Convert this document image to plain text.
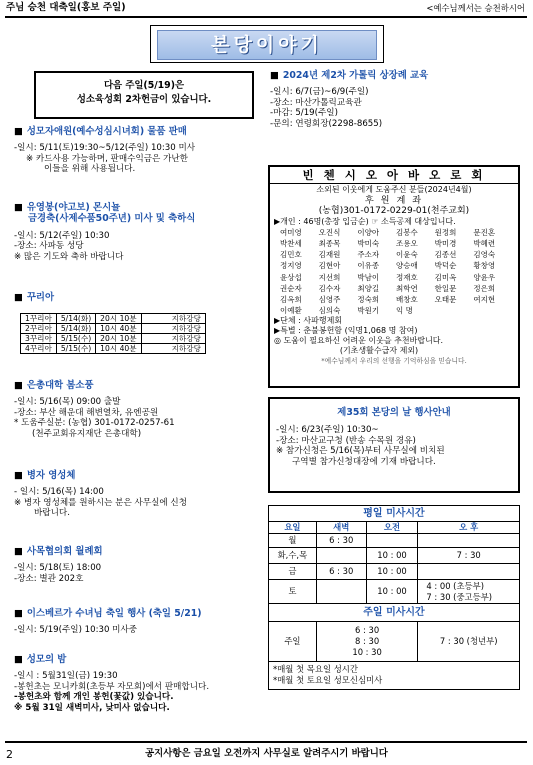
주님 승천 대축일(홍보 주일)	<예수님께서는 승천하시어
본당이야기
다음 주일(5/19)은
성소육성회 2차헌금이 있습니다.
■ 성모자애원(예수성심시녀회) 물품 판매
-일시: 5/11(토)19:30~5/12(주일) 10:30 미사
※ 카드사용 가능하며, 판매수익금은 가난한
이들을 위해 사용됩니다.
■ 유영봉(야고보) 몬시뇰
금경축(사제수품50주년) 미사 및 축하식
-일시: 5/12(주일) 10:30
-장소: 사파동 성당
※ 많은 기도와 축하 바랍니다
■ 꾸리아
1꾸리아	5/14(화)	20시 10분	지하강당
2꾸리아	5/14(화)	10시 40분	지하강당
3꾸리아	5/15(수)	20시 10분	지하강당
4꾸리아	5/15(수)	10시 40분	지하강당
■ 은총대학 봄소풍
-일시: 5/16(목) 09:00 출발
-장소: 부산 해운대 해변열차, 유엔공원
* 도움주실분: (농협) 301-0172-0257-61
(천주교회유지재단 은총대학)
■ 병자 영성체
- 일시: 5/16(목) 14:00
※ 병자 영성체를 원하시는 분은 사무실에 신청
바랍니다.
■ 사목협의회 월례회
-일시: 5/18(토) 18:00
-장소: 별관 202호
■ 이스베르가 수녀님 축일 행사 (축일 5/21)
-일시: 5/19(주일) 10:30 미사중
■ 성모의 밤
-일시 : 5월31일(금) 19:30
-봉헌초는 모니카회(초등부 자모회)에서 판매합니다.
-봉헌초와 함께 개인 봉헌(꽃값) 있습니다.
※ 5월 31일 새벽미사, 낮미사 없습니다.
■ 2024년 제2차 가톨릭 상장례 교육
-일시: 6/7(금)~6/9(주일)
-장소: 마산가톨릭교육관
-마감: 5/19(주일)
-문의: 연령회장(2298-8655)
빈 첸 시 오 아 바 오 로 회
소외된 이웃에게 도움주신 분들(2024년4월)
후 원 계 좌
(농협)301-0172-0229-01(천주교회)
▶개인 : 46명(총장 입금순) ☞ 소득공제 대상입니다.
여미영	오진식	이양아	김봉수	원정희	문진혼
박찬세	최종목	박미숙	조용오	박미경	박혜련
김민호	김재원	주소자	이윤숙	김종선	김영숙
정지영	김현아	이유종	양승애	박덕순	황창영
윤상섭	지선희	박남이	정재호	김미옥	양윤우
권순자	김수자	최양길	최학연	한일문	정은희
김옥희	심영주	정숙희	배창호	오태문	여지현
이예환	심의숙	박원기	익 명
▶단체 : 사파행제회
▶특별 : 춘불봉헌함 (익명1,068 명 참여)
◎ 도움이 필요하신 어려운 이웃을 추천바랍니다.
(기초생활수급자 제외)
*예수님께서 우리의 선행을 기억하심을 믿습니다.
제35회 본당의 날 행사안내
-일시: 6/23(주일) 10:30~
-장소: 마산교구청 (반송 수목원 경유)
※ 참가신청은 5/16(목)부터 사무실에 비치된
구역별 참가신청대장에 기재 바랍니다.
평일 미사시간			
요일	새벽	오전	오 후
월	6 : 30		
화,수,목		10 : 00	7 : 30
금	6 : 30	10 : 00	
토		10 : 00	4 : 00 (초등부)
7 : 30 (중고등부)

주일 미사시간			
주일	6 : 30
8 : 30
10 : 30		7 : 30 (청년부)

*매월 첫 목요일 성시간
*매월 첫 토요일 성모신심미사			
2	공지사항은 금요일 오전까지 사무실로 알려주시기 바랍니다
